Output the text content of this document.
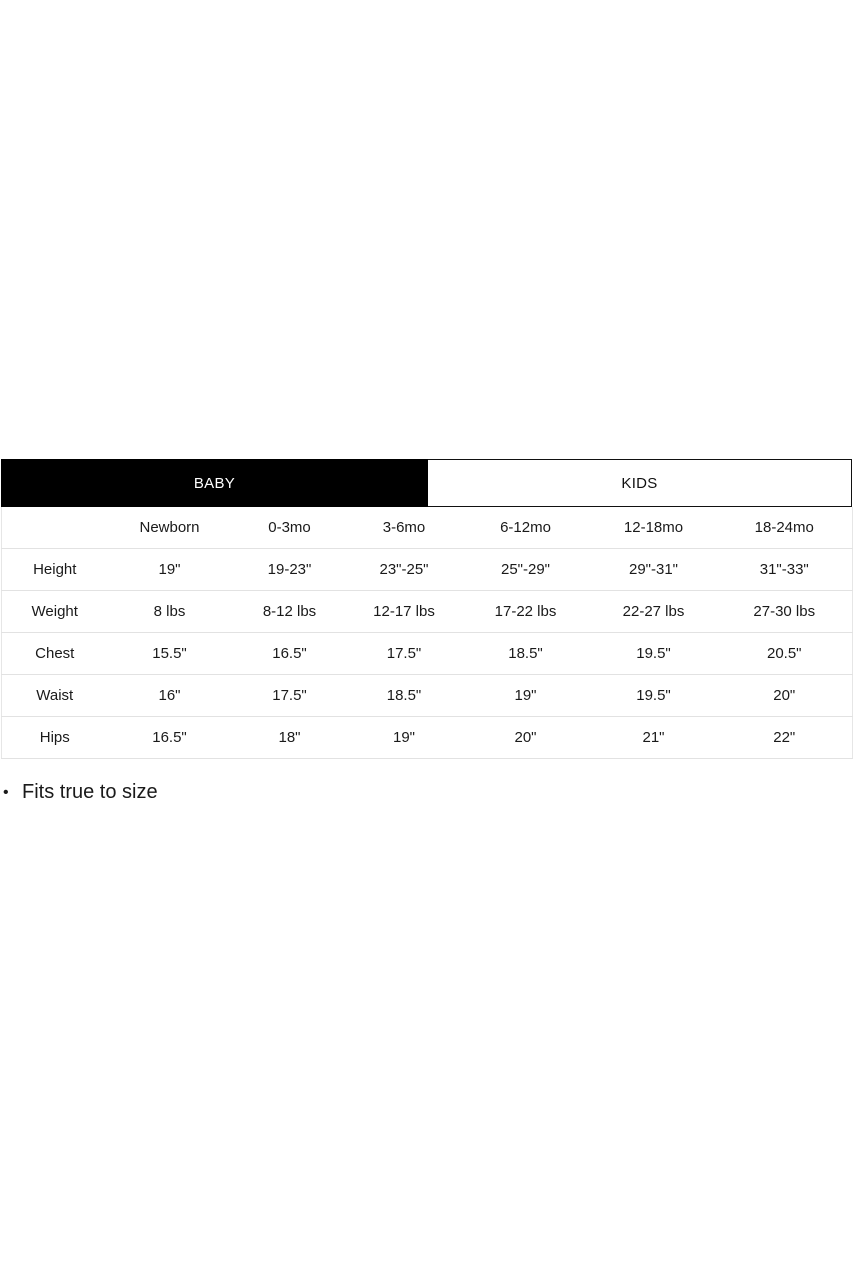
BABY	KIDS
	Newborn	0-3mo	3-6mo	6-12mo	12-18mo	18-24mo
Height	19"	19-23"	23"-25"	25"-29"	29"-31"	31"-33"
Weight	8 lbs	8-12 lbs	12-17 lbs	17-22 lbs	22-27 lbs	27-30 lbs
Chest	15.5"	16.5"	17.5"	18.5"	19.5"	20.5"
Waist	16"	17.5"	18.5"	19"	19.5"	20"
Hips	16.5"	18"	19"	20"	21"	22"
• Fits true to size
